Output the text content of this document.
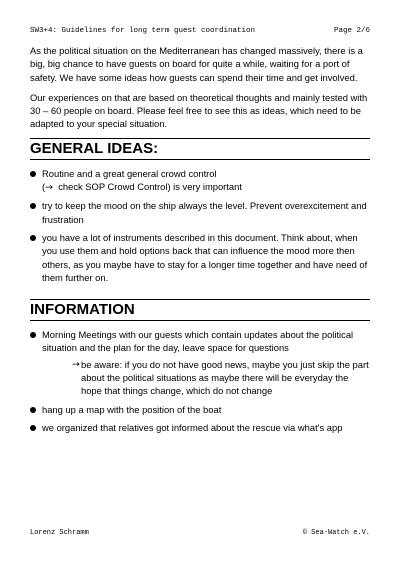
SW3+4: Guidelines for long term guest coordination	Page 2/6

As the political situation on the Mediterranean has changed massively, there is a big, big chance to have guests on board for quite a while, waiting for a port of safety. We have some ideas how guests can spend their time and get involved.

Our experiences on that are based on theoretical thoughts and mainly tested with 30 – 60 people on board. Please feel free to see this as ideas, which need to be adapted to your special situation.

GENERAL IDEAS:
Routine and a great general crowd control
(→ check SOP Crowd Control) is very important
try to keep the mood on the ship always the level. Prevent overexcitement and frustration
you have a lot of instruments described in this document. Think about, when you use them and hold options back that can influence the mood more then others, as you maybe have to stay for a longer time together and have need of them further on.
INFORMATION
Morning Meetings with our guests which contain updates about the political situation and the plan for the day, leave space for questions
→ be aware: if you do not have good news, maybe you just skip the part about the political situations as maybe there will be everyday the hope that things change, which do not change
hang up a map with the position of the boat
we organized that relatives got informed about the rescue via what's app
Lorenz Schramm	© Sea-Watch e.V.
